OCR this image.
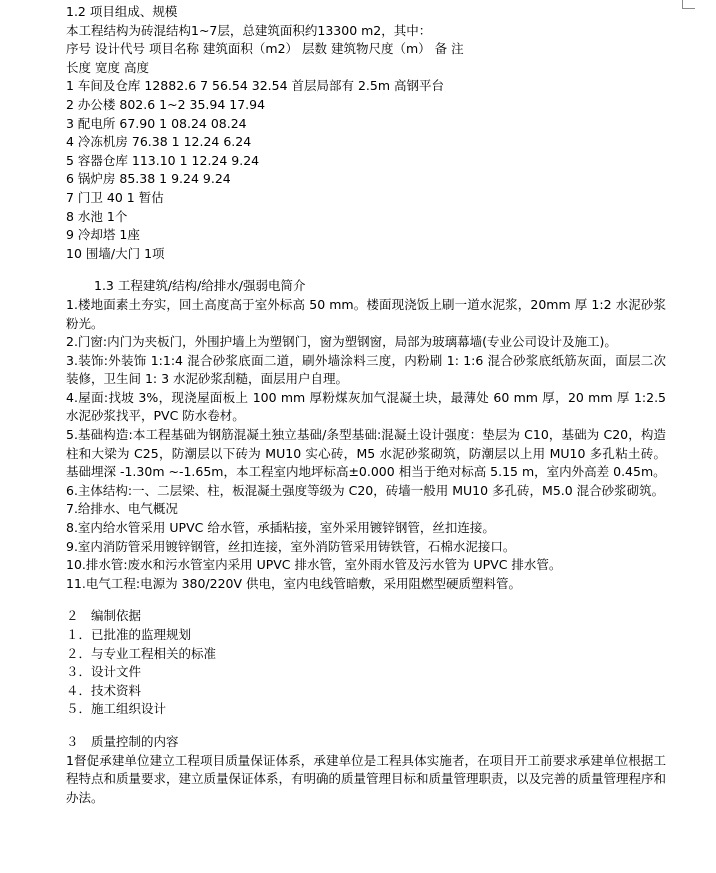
1.2 项目组成、规模
本工程结构为砖混结构1~7层，总建筑面积约13300 m2，其中：
序号 设计代号 项目名称 建筑面积（m2） 层数 建筑物尺度（m） 备 注
长度 宽度 高度
1 车间及仓库 12882.6 7 56.54 32.54 首层局部有 2.5m 高钢平台
2 办公楼 802.6 1~2 35.94 17.94
3 配电所 67.90 1 08.24 08.24
4 冷冻机房 76.38 1 12.24 6.24
5 容器仓库 113.10 1 12.24 9.24
6 锅炉房 85.38 1 9.24 9.24
7 门卫 40 1 暂估
8 水池 1个
9 冷却塔 1座
10 围墙/大门 1项
1.3 工程建筑/结构/给排水/强弱电简介
1.楼地面素土夯实，回土高度高于室外标高 50 mm。楼面现浇饭上刷一道水泥浆，20mm 厚 1:2 水泥砂浆粉光。
2.门窗:内门为夹板门，外围护墙上为塑钢门，窗为塑钢窗，局部为玻璃幕墙(专业公司设计及施工)。
3.装饰:外装饰 1:1:4 混合砂浆底面二道，刷外墙涂料三度，内粉刷 1: 1:6 混合砂浆底纸筋灰面，面层二次装修，卫生间 1: 3 水泥砂浆刮糙，面层用户自理。
4.屋面:找坡 3%，现浇屋面板上 100 mm 厚粉煤灰加气混凝土块，最薄处 60 mm 厚，20 mm 厚 1:2.5 水泥砂浆找平，PVC 防水卷材。
5.基础构造:本工程基础为钢筋混凝土独立基础/条型基础:混凝土设计强度：垫层为 C10，基础为 C20，构造柱和大梁为 C25，防潮层以下砖为 MU10 实心砖，M5 水泥砂浆砌筑，防潮层以上用 MU10 多孔粘土砖。基础埋深 -1.30m ~-1.65m，本工程室内地坪标高±0.000 相当于绝对标高 5.15 m，室内外高差 0.45m。
6.主体结构:一、二层梁、柱，板混凝土强度等级为 C20，砖墙一般用 MU10 多孔砖，M5.0 混合砂浆砌筑。
7.给排水、电气概况
8.室内给水管采用 UPVC 给水管，承插粘接，室外采用镀锌钢管，丝扣连接。
9.室内消防管采用镀锌钢管，丝扣连接，室外消防管采用铸铁管，石棉水泥接口。
10.排水管:废水和污水管室内采用 UPVC 排水管，室外雨水管及污水管为 UPVC 排水管。
11.电气工程:电源为 380/220V 供电，室内电线管暗敷，采用阻燃型硬质塑料管。
２　编制依据
１．已批准的监理规划
２．与专业工程相关的标准
３．设计文件
４．技术资料
５．施工组织设计
３　质量控制的内容
1督促承建单位建立工程项目质量保证体系，承建单位是工程具体实施者，在项目开工前要求承建单位根据工程特点和质量要求，建立质量保证体系，有明确的质量管理目标和质量管理职责，以及完善的质量管理程序和办法。
